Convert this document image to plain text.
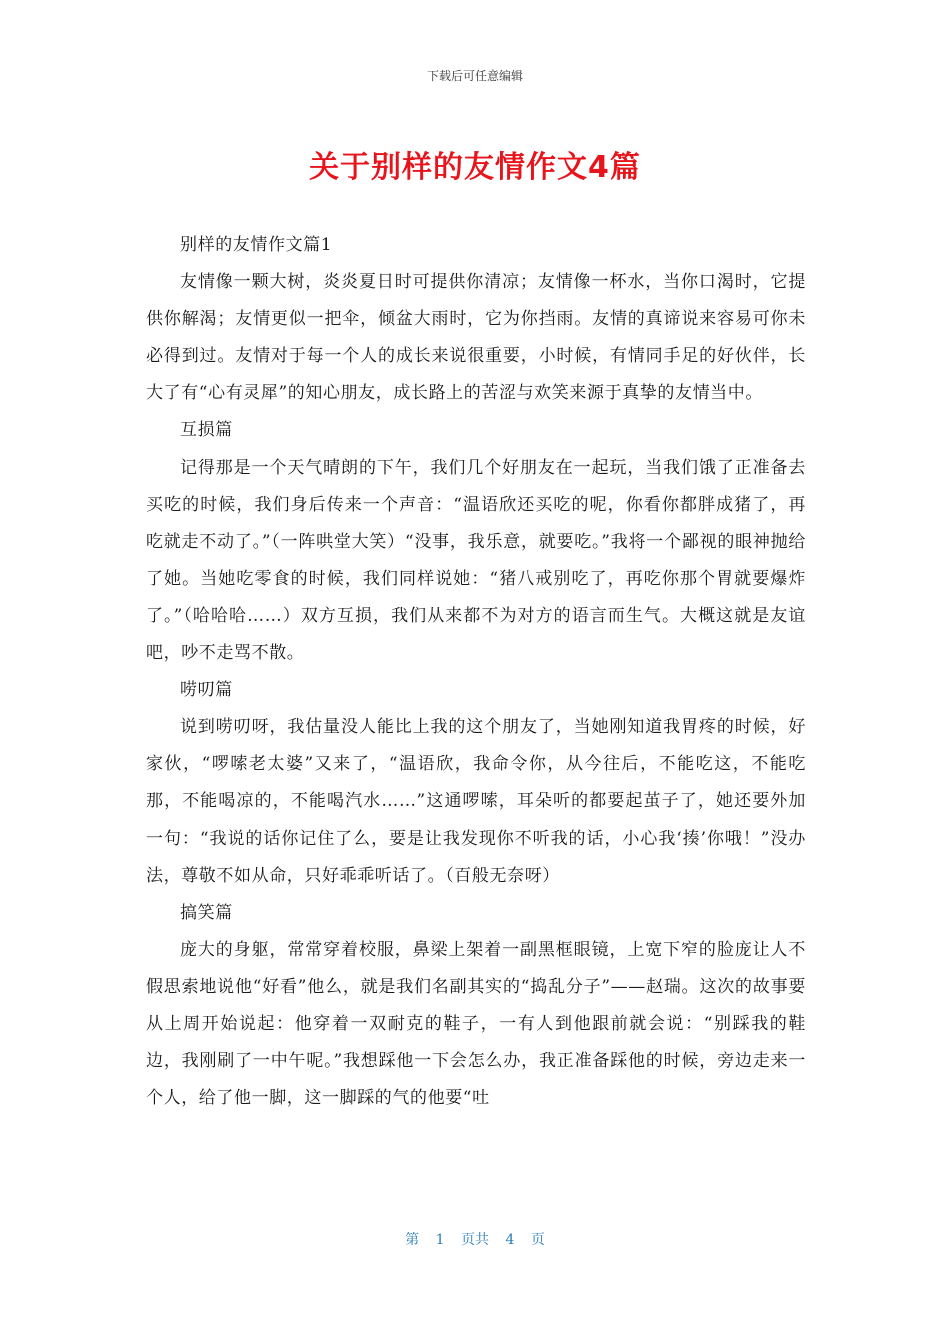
下载后可任意编辑
关于别样的友情作文4篇

别样的友情作文篇1

友情像一颗大树，炎炎夏日时可提供你清凉；友情像一杯水，当你口渴时，它提供你解渴；友情更似一把伞，倾盆大雨时，它为你挡雨。友情的真谛说来容易可你未必得到过。友情对于每一个人的成长来说很重要，小时候，有情同手足的好伙伴，长大了有“心有灵犀”的知心朋友，成长路上的苦涩与欢笑来源于真挚的友情当中。

互损篇

记得那是一个天气晴朗的下午，我们几个好朋友在一起玩，当我们饿了正准备去买吃的时候，我们身后传来一个声音：“温语欣还买吃的呢，你看你都胖成猪了，再吃就走不动了。”（一阵哄堂大笑）“没事，我乐意，就要吃。”我将一个鄙视的眼神抛给了她。当她吃零食的时候，我们同样说她：“猪八戒别吃了，再吃你那个胃就要爆炸了。”（哈哈哈……）双方互损，我们从来都不为对方的语言而生气。大概这就是友谊吧，吵不走骂不散。

唠叨篇

说到唠叨呀，我估量没人能比上我的这个朋友了，当她刚知道我胃疼的时候，好家伙，“啰嗦老太婆”又来了，“温语欣，我命令你，从今往后，不能吃这，不能吃那，不能喝凉的，不能喝汽水……”这通啰嗦，耳朵听的都要起茧子了，她还要外加一句：“我说的话你记住了么，要是让我发现你不听我的话，小心我‘揍’你哦！”没办法，尊敬不如从命，只好乖乖听话了。（百般无奈呀）

搞笑篇

庞大的身躯，常常穿着校服，鼻梁上架着一副黑框眼镜，上宽下窄的脸庞让人不假思索地说他“好看”他么，就是我们名副其实的“捣乱分子”——赵瑞。这次的故事要从上周开始说起：他穿着一双耐克的鞋子，一有人到他跟前就会说：“别踩我的鞋边，我刚刷了一中午呢。”我想踩他一下会怎么办，我正准备踩他的时候，旁边走来一个人，给了他一脚，这一脚踩的气的他要“吐

第 1 页共 4 页
